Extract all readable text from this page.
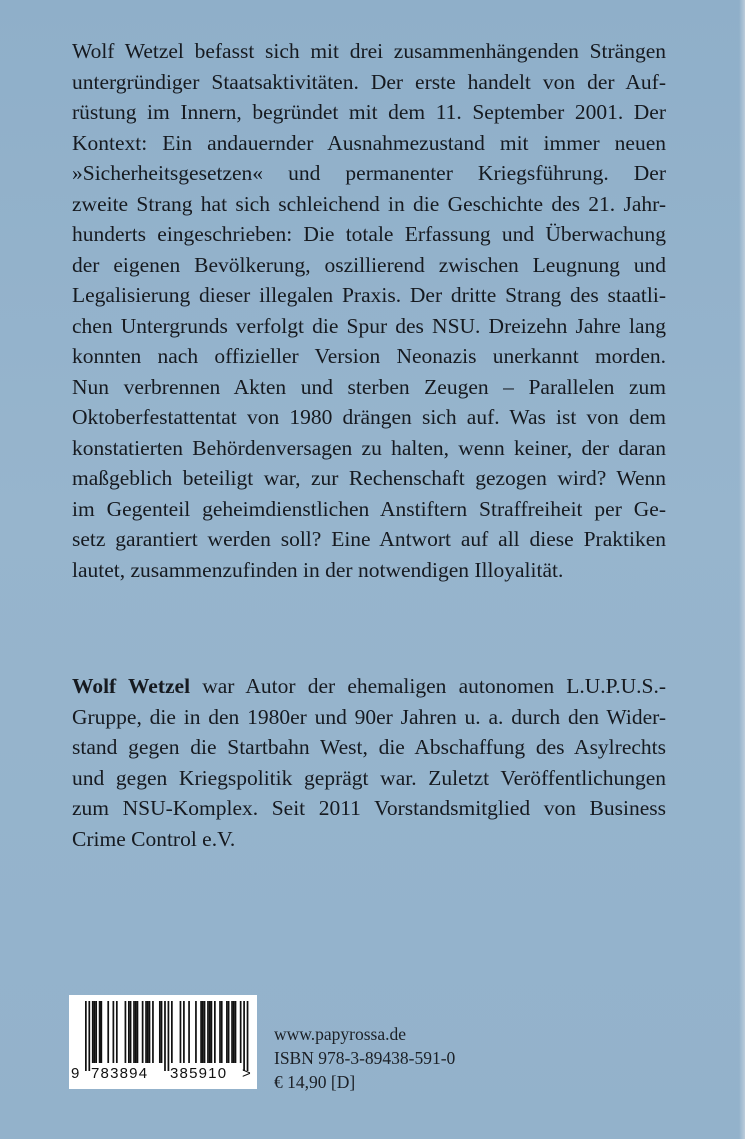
Wolf Wetzel befasst sich mit drei zusammenhängenden Strängen
untergründiger Staatsaktivitäten. Der erste handelt von der Auf-
rüstung im Innern, begründet mit dem 11. September 2001. Der
Kontext: Ein andauernder Ausnahmezustand mit immer neuen
»Sicherheitsgesetzen« und permanenter Kriegsführung. Der
zweite Strang hat sich schleichend in die Geschichte des 21. Jahr-
hunderts eingeschrieben: Die totale Erfassung und Überwachung
der eigenen Bevölkerung, oszillierend zwischen Leugnung und
Legalisierung dieser illegalen Praxis. Der dritte Strang des staatli-
chen Untergrunds verfolgt die Spur des NSU. Dreizehn Jahre lang
konnten nach offizieller Version Neonazis unerkannt morden.
Nun verbrennen Akten und sterben Zeugen – Parallelen zum
Oktoberfestattentat von 1980 drängen sich auf. Was ist von dem
konstatierten Behördenversagen zu halten, wenn keiner, der daran
maßgeblich beteiligt war, zur Rechenschaft gezogen wird? Wenn
im Gegenteil geheimdienstlichen Anstiftern Straffreiheit per Ge-
setz garantiert werden soll? Eine Antwort auf all diese Praktiken
lautet, zusammenzufinden in der notwendigen Illoyalität.
Wolf Wetzel war Autor der ehemaligen autonomen L.U.P.U.S.-
Gruppe, die in den 1980er und 90er Jahren u. a. durch den Wider-
stand gegen die Startbahn West, die Abschaffung des Asylrechts
und gegen Kriegspolitik geprägt war. Zuletzt Veröffentlichungen
zum NSU-Komplex. Seit 2011 Vorstandsmitglied von Business
Crime Control e.V.
9 783894 385910 >
www.papyrossa.de
ISBN 978-3-89438-591-0
€ 14,90 [D]
